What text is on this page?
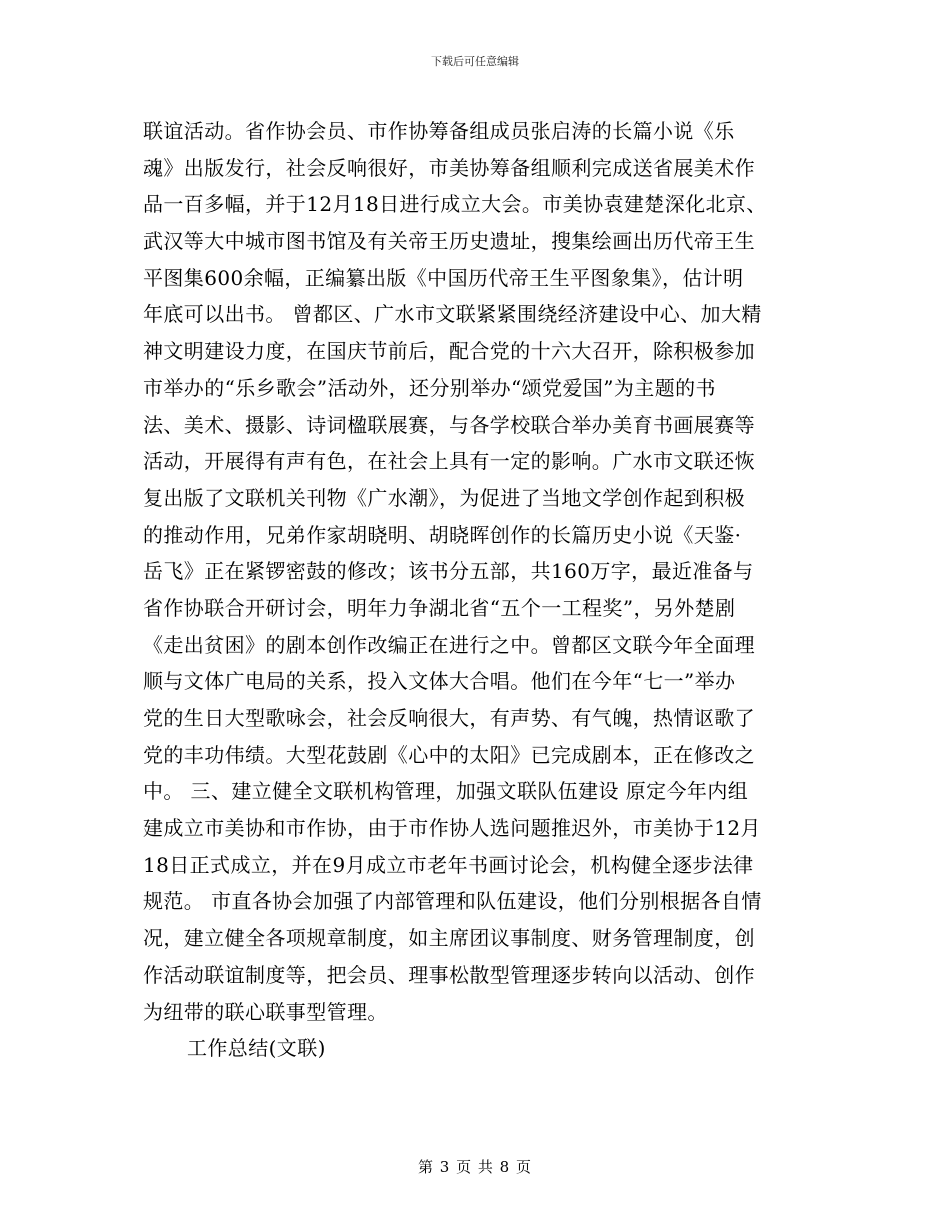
下载后可任意编辑
联谊活动。省作协会员、市作协筹备组成员张启涛的长篇小说《乐
魂》出版发行，社会反响很好，市美协筹备组顺利完成送省展美术作
品一百多幅，并于12月18日进行成立大会。市美协袁建楚深化北京、
武汉等大中城市图书馆及有关帝王历史遗址，搜集绘画出历代帝王生
平图集600余幅，正编纂出版《中国历代帝王生平图象集》，估计明
年底可以出书。 曾都区、广水市文联紧紧围绕经济建设中心、加大精
神文明建设力度，在国庆节前后，配合党的十六大召开，除积极参加
市举办的“乐乡歌会”活动外，还分别举办“颂党爱国”为主题的书
法、美术、摄影、诗词楹联展赛，与各学校联合举办美育书画展赛等
活动，开展得有声有色，在社会上具有一定的影响。广水市文联还恢
复出版了文联机关刊物《广水潮》，为促进了当地文学创作起到积极
的推动作用，兄弟作家胡晓明、胡晓晖创作的长篇历史小说《天鉴·
岳飞》正在紧锣密鼓的修改；该书分五部，共160万字，最近准备与
省作协联合开研讨会，明年力争湖北省“五个一工程奖”，另外楚剧
《走出贫困》的剧本创作改编正在进行之中。曾都区文联今年全面理
顺与文体广电局的关系，投入文体大合唱。他们在今年“七一”举办
党的生日大型歌咏会，社会反响很大，有声势、有气魄，热情讴歌了
党的丰功伟绩。大型花鼓剧《心中的太阳》已完成剧本，正在修改之
中。 三、建立健全文联机构管理，加强文联队伍建设 原定今年内组
建成立市美协和市作协，由于市作协人选问题推迟外，市美协于12月
18日正式成立，并在9月成立市老年书画讨论会，机构健全逐步法律
规范。 市直各协会加强了内部管理和队伍建设，他们分别根据各自情
况，建立健全各项规章制度，如主席团议事制度、财务管理制度，创
作活动联谊制度等，把会员、理事松散型管理逐步转向以活动、创作
为纽带的联心联事型管理。
工作总结(文联)
第 3 页 共 8 页
